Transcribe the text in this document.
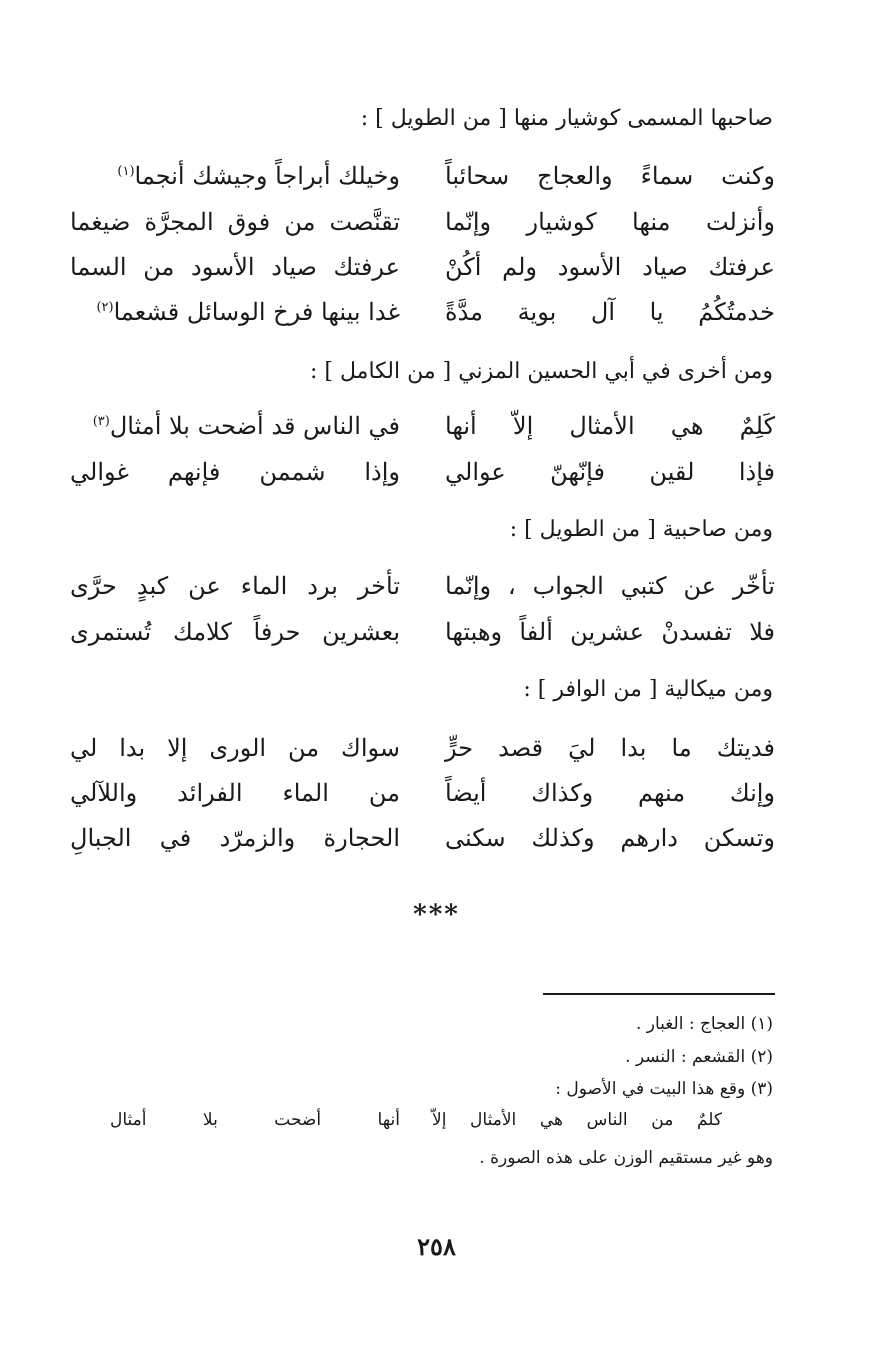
صاحبها المسمى كوشيار منها [ من الطويل ] :
وكنت سماءً والعجاج سحائباً
وخيلك أبراجاً وجيشك أنجما$^{(١)}$
وأنزلت منها كوشيار وإنّما
تقنَّصت من فوق المجرَّة ضيغما
عرفتك صياد الأسود ولم أكُنْ
عرفتك صياد الأسود من السما
خدمتُكُمُ يا آل بوية مدَّةً
غدا بينها فرخ الوسائل قشعما$^{(٢)}$
ومن أخرى في أبي الحسين المزني [ من الكامل ] :
كَلِمٌ هي الأمثال إلاّ أنها
في الناس قد أضحت بلا أمثال$^{(٣)}$
فإذا لقين فإنّهنّ عوالي
وإذا شممن فإنهم غوالي
ومن صاحبية [ من الطويل ] :
تأخّر عن كتبي الجواب ، وإنّما
تأخر برد الماء عن كبدٍ حرَّى
فلا تفسدنْ عشرين ألفاً وهبتها
بعشرين حرفاً كلامك تُستمرى
ومن ميكالية [ من الوافر ] :
فديتك ما بدا ليَ قصد حرٍّ
سواك من الورى إلا بدا لي
وإنك منهم وكذاك أيضاً
من الماء الفرائد واللآلي
وتسكن دارهم وكذلك سكنى
الحجارة والزمرّد في الجبالِ
***
(١) العجاج : الغبار .
(٢) القشعم : النسر .
(٣) وقع هذا البيت في الأصول :
كلمٌ من الناس هي الأمثال إلاّ
أنها أضحت بلا أمثال
وهو غير مستقيم الوزن على هذه الصورة .
٢٥٨
